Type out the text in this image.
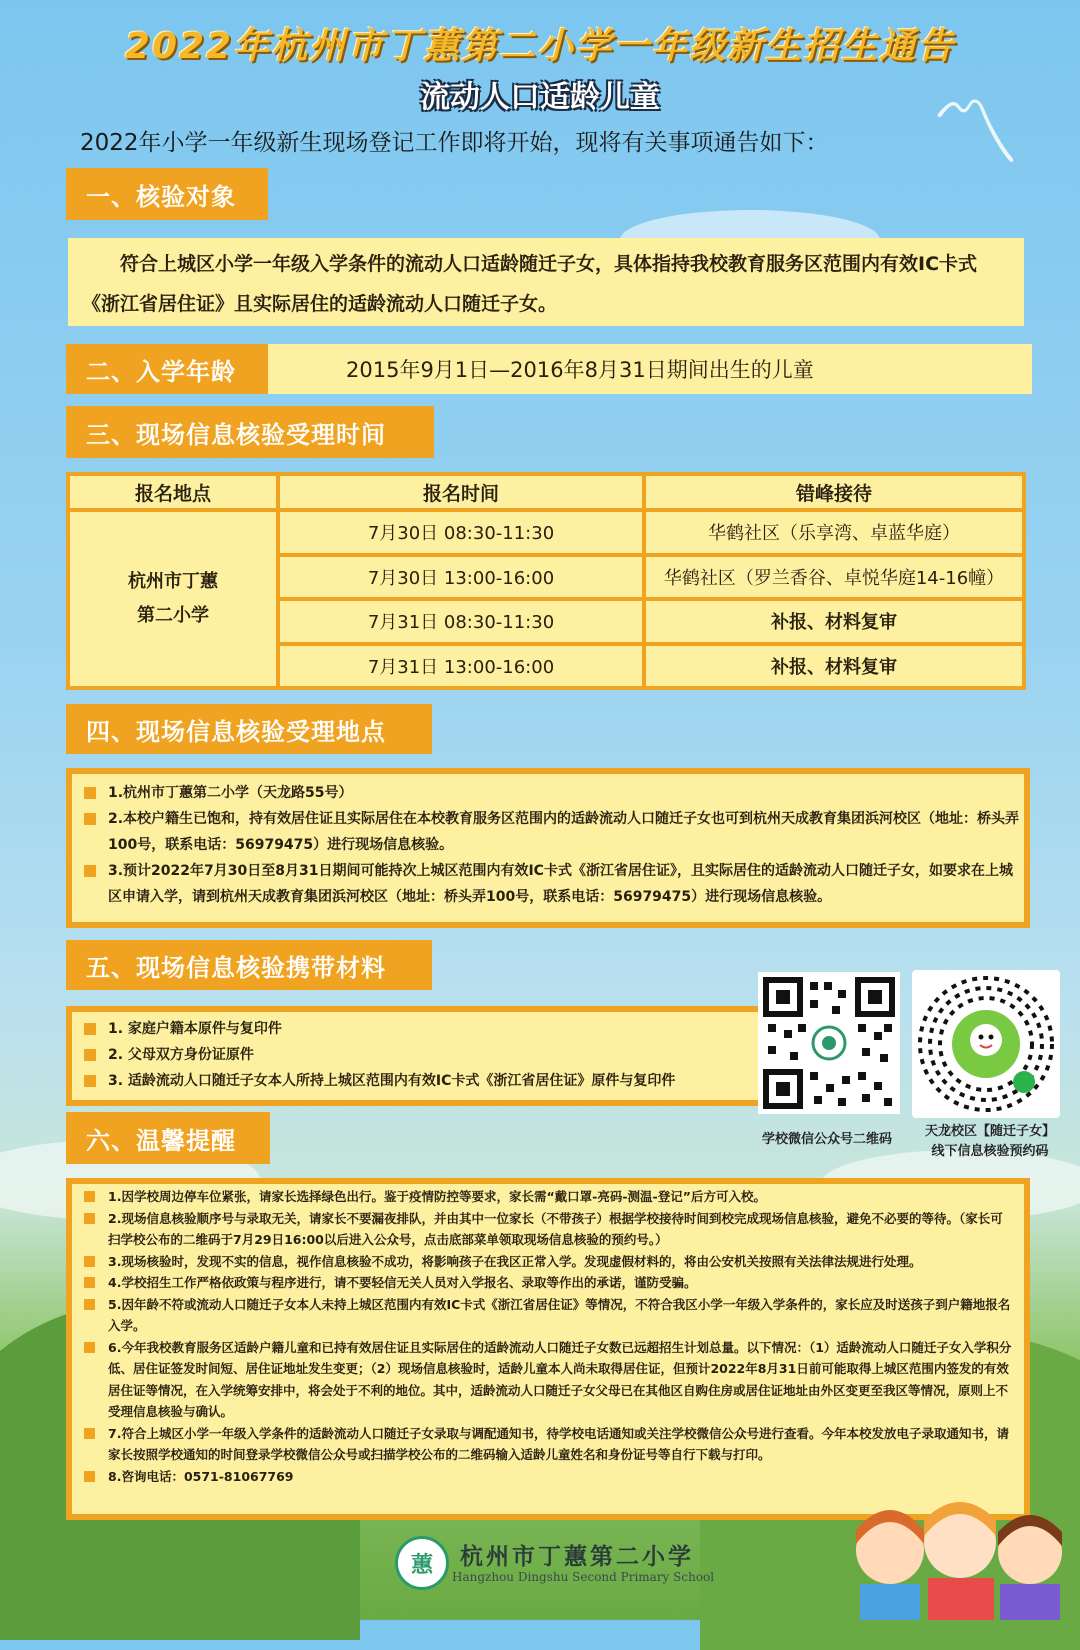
〽
2022年杭州市丁蕙第二小学一年级新生招生通告
流动人口适龄儿童
2022年小学一年级新生现场登记工作即将开始，现将有关事项通告如下：
一、核验对象

符合上城区小学一年级入学条件的流动人口适龄随迁子女，具体指持我校教育服务区范围内有效IC卡式《浙江省居住证》且实际居住的适龄流动人口随迁子女。

2015年9月1日—2016年8月31日期间出生的儿童
二、入学年龄
三、现场信息核验受理时间
报名地点	报名时间	错峰接待

杭州市丁蕙
第二小学	7月30日 08:30-11:30	华鹤社区（乐享湾、卓蓝华庭）
	7月30日 13:00-16:00	华鹤社区（罗兰香谷、卓悦华庭14-16幢）
	7月31日 08:30-11:30	补报、材料复审
	7月31日 13:00-16:00	补报、材料复审
四、现场信息核验受理地点
1.杭州市丁蕙第二小学（天龙路55号）
2.本校户籍生已饱和，持有效居住证且实际居住在本校教育服务区范围内的适龄流动人口随迁子女也可到杭州天成教育集团浜河校区（地址：桥头弄100号，联系电话：56979475）进行现场信息核验。
3.预计2022年7月30日至8月31日期间可能持次上城区范围内有效IC卡式《浙江省居住证》，且实际居住的适龄流动人口随迁子女，如要求在上城区申请入学，请到杭州天成教育集团浜河校区（地址：桥头弄100号，联系电话：56979475）进行现场信息核验。
五、现场信息核验携带材料
1. 家庭户籍本原件与复印件
2. 父母双方身份证原件
3. 适龄流动人口随迁子女本人所持上城区范围内有效IC卡式《浙江省居住证》原件与复印件
学校微信公众号二维码
天龙校区【随迁子女】
线下信息核验预约码
六、温馨提醒
1.因学校周边停车位紧张，请家长选择绿色出行。鉴于疫情防控等要求，家长需“戴口罩-亮码-测温-登记”后方可入校。
2.现场信息核验顺序号与录取无关，请家长不要漏夜排队，并由其中一位家长（不带孩子）根据学校接待时间到校完成现场信息核验，避免不必要的等待。（家长可扫学校公布的二维码于7月29日16:00以后进入公众号，点击底部菜单领取现场信息核验的预约号。）
3.现场核验时，发现不实的信息，视作信息核验不成功，将影响孩子在我区正常入学。发现虚假材料的，将由公安机关按照有关法律法规进行处理。
4.学校招生工作严格依政策与程序进行，请不要轻信无关人员对入学报名、录取等作出的承诺，谨防受骗。
5.因年龄不符或流动人口随迁子女本人未持上城区范围内有效IC卡式《浙江省居住证》等情况，不符合我区小学一年级入学条件的，家长应及时送孩子到户籍地报名入学。
6.今年我校教育服务区适龄户籍儿童和已持有效居住证且实际居住的适龄流动人口随迁子女数已远超招生计划总量。以下情况：（1）适龄流动人口随迁子女入学积分低、居住证签发时间短、居住证地址发生变更；（2）现场信息核验时，适龄儿童本人尚未取得居住证，但预计2022年8月31日前可能取得上城区范围内签发的有效居住证等情况，在入学统筹安排中，将会处于不利的地位。其中，适龄流动人口随迁子女父母已在其他区自购住房或居住证地址由外区变更至我区等情况，原则上不受理信息核验与确认。
7.符合上城区小学一年级入学条件的适龄流动人口随迁子女录取与调配通知书，待学校电话通知或关注学校微信公众号进行查看。今年本校发放电子录取通知书，请家长按照学校通知的时间登录学校微信公众号或扫描学校公布的二维码输入适龄儿童姓名和身份证号等自行下载与打印。
8.咨询电话：0571-81067769
蕙	杭州市丁蕙第二小学
Hangzhou Dingshu Second Primary School
